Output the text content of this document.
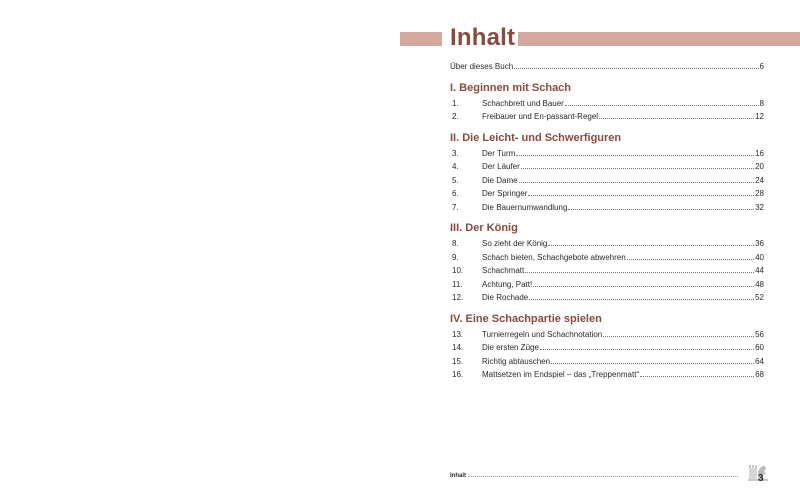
Inhalt
Über dieses Buch	6
I. Beginnen mit Schach
1.	Schachbrett und Bauer	8
2.	Freibauer und En-passant-Regel	12
II. Die Leicht- und Schwerfiguren
3.	Der Turm	16
4.	Der Läufer	20
5.	Die Dame	24
6.	Der Springer	28
7.	Die Bauernumwandlung	32
III. Der König
8.	So zieht der König	36
9.	Schach bieten, Schachgebote abwehren	40
10.	Schachmatt	44
11.	Achtung, Patt!	48
12.	Die Rochade	52
IV. Eine Schachpartie spielen
13.	Turnierregeln und Schachnotation	56
14.	Die ersten Züge	60
15.	Richtig abtauschen	64
16.	Mattsetzen im Endspiel – das „Treppenmatt“	68
Inhalt	3
